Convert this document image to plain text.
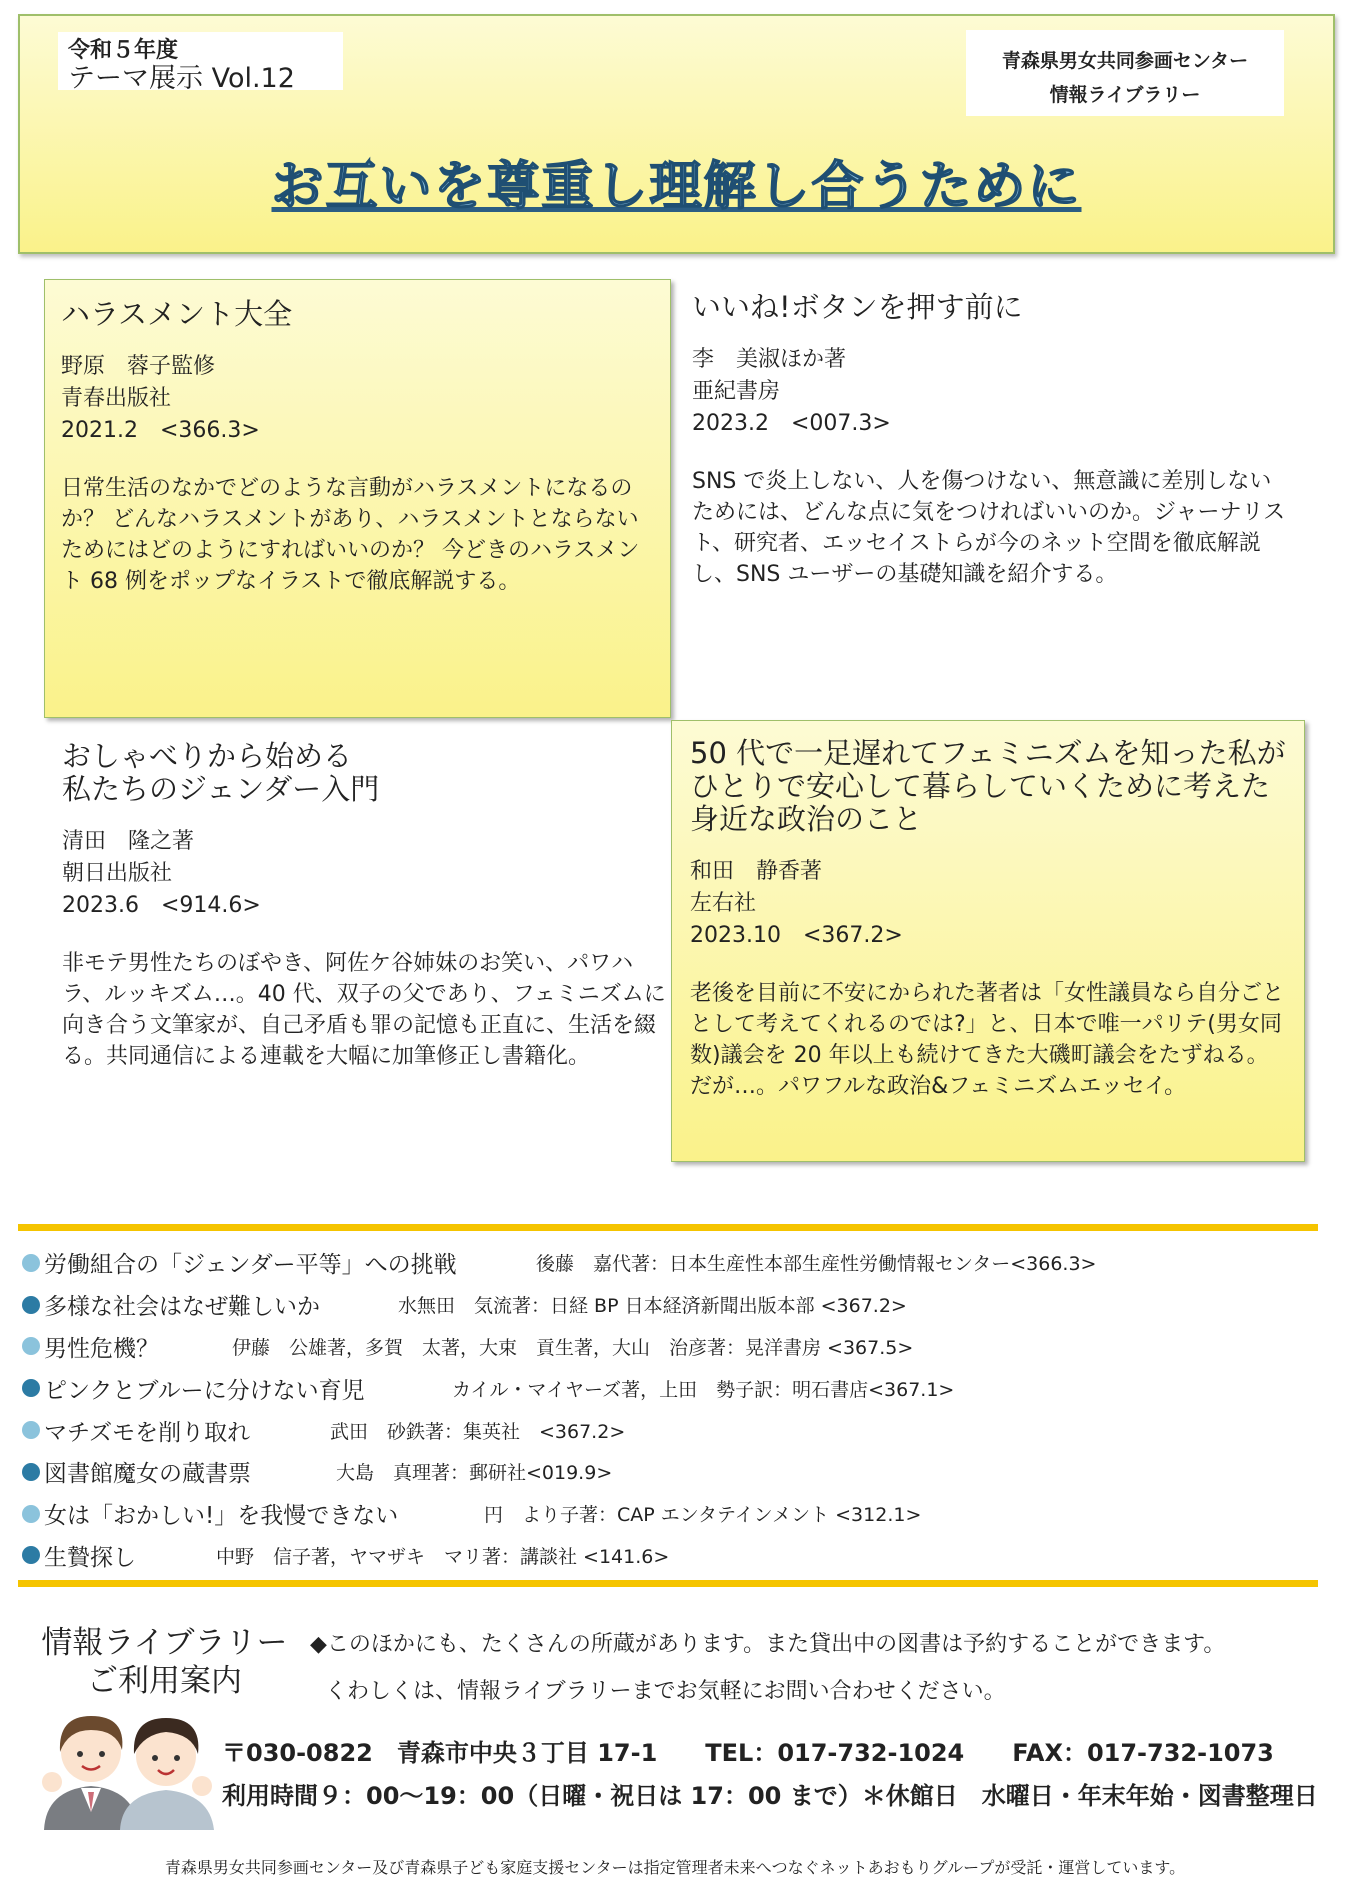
令和５年度
テーマ展示 Vol.12
青森県男女共同参画センター
情報ライブラリー
お互いを尊重し理解し合うために
ハラスメント大全
野原　蓉子監修
青春出版社
2021.2　<366.3>
日常生活のなかでどのような言動がハラスメントになるのか？ どんなハラスメントがあり、ハラスメントとならないためにはどのようにすればいいのか？ 今どきのハラスメント 68 例をポップなイラストで徹底解説する。
いいね!ボタンを押す前に
李　美淑ほか著
亜紀書房
2023.2　<007.3>
SNS で炎上しない、人を傷つけない、無意識に差別しないためには、どんな点に気をつければいいのか。ジャーナリスト、研究者、エッセイストらが今のネット空間を徹底解説し、SNS ユーザーの基礎知識を紹介する。
おしゃべりから始める
私たちのジェンダー入門
清田　隆之著
朝日出版社
2023.6　<914.6>
非モテ男性たちのぼやき、阿佐ケ谷姉妹のお笑い、パワハラ、ルッキズム…。40 代、双子の父であり、フェミニズムに向き合う文筆家が、自己矛盾も罪の記憶も正直に、生活を綴る。共同通信による連載を大幅に加筆修正し書籍化。
50 代で一足遅れてフェミニズムを知った私がひとりで安心して暮らしていくために考えた身近な政治のこと
和田　静香著
左右社
2023.10　<367.2>
老後を目前に不安にかられた著者は「女性議員なら自分ごととして考えてくれるのでは?」と、日本で唯一パリテ(男女同数)議会を 20 年以上も続けてきた大磯町議会をたずねる。だが…。パワフルな政治&フェミニズムエッセイ。
労働組合の「ジェンダー平等」への挑戦	後藤　嘉代著：日本生産性本部生産性労働情報センター<366.3>
多様な社会はなぜ難しいか	水無田　気流著：日経 BP 日本経済新聞出版本部 <367.2>
男性危機？	伊藤　公雄著，多賀　太著，大束　貢生著，大山　治彦著：晃洋書房 <367.5>
ピンクとブルーに分けない育児	カイル・マイヤーズ著，上田　勢子訳：明石書店<367.1>
マチズモを削り取れ	武田　砂鉄著：集英社　<367.2>
図書館魔女の蔵書票	大島　真理著：郵研社<019.9>
女は「おかしい!」を我慢できない	円　より子著：CAP エンタテインメント <312.1>
生贄探し	中野　信子著，ヤマザキ　マリ著：講談社 <141.6>
情報ライブラリー
ご利用案内
◆このほかにも、たくさんの所蔵があります。また貸出中の図書は予約することができます。
くわしくは、情報ライブラリーまでお気軽にお問い合わせください。
〒030-0822　青森市中央３丁目 17-1　　TEL：017-732-1024　　FAX：017-732-1073
利用時間９：00〜19：00（日曜・祝日は 17：00 まで）＊休館日　水曜日・年末年始・図書整理日
青森県男女共同参画センター及び青森県子ども家庭支援センターは指定管理者未来へつなぐネットあおもりグループが受託・運営しています。
